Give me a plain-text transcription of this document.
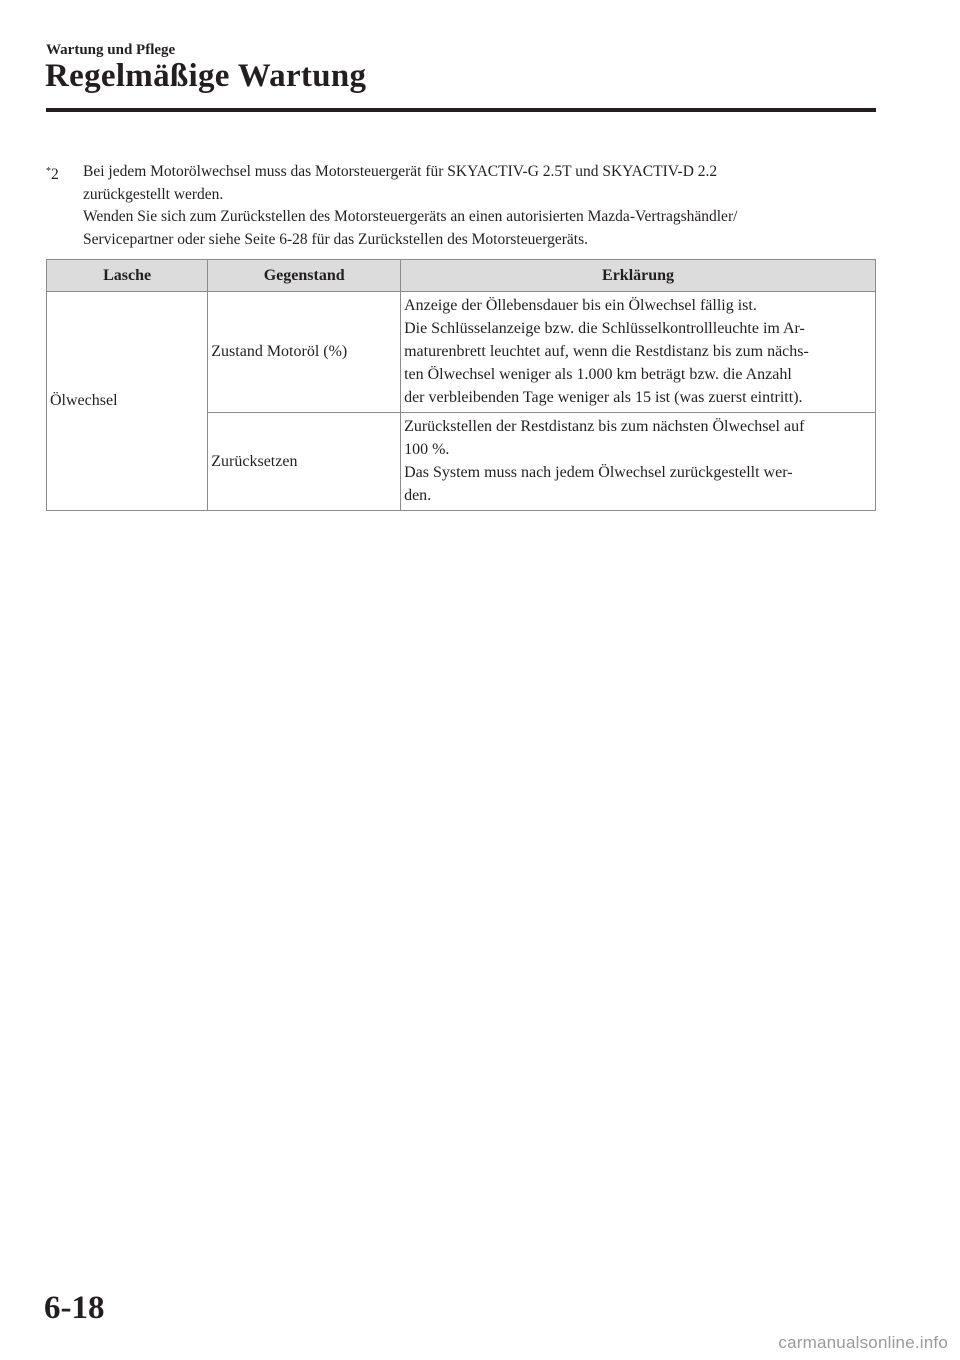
Wartung und Pflege
Regelmäßige Wartung
*2	Bei jedem Motorölwechsel muss das Motorsteuergerät für SKYACTIV-G 2.5T und SKYACTIV-D 2.2
zurückgestellt werden.
Wenden Sie sich zum Zurückstellen des Motorsteuergeräts an einen autorisierten Mazda-Vertragshändler/
Servicepartner oder siehe Seite 6-28 für das Zurückstellen des Motorsteuergeräts.
Lasche	Gegenstand	Erklärung
Ölwechsel	Zustand Motoröl (%)	Anzeige der Öllebensdauer bis ein Ölwechsel fällig ist.
Die Schlüsselanzeige bzw. die Schlüsselkontrollleuchte im Ar-
maturenbrett leuchtet auf, wenn die Restdistanz bis zum nächs-
ten Ölwechsel weniger als 1.000 km beträgt bzw. die Anzahl
der verbleibenden Tage weniger als 15 ist (was zuerst eintritt).

	Zurücksetzen	Zurückstellen der Restdistanz bis zum nächsten Ölwechsel auf
100 %.
Das System muss nach jedem Ölwechsel zurückgestellt wer-
den.
6-18
carmanualsonline.info
